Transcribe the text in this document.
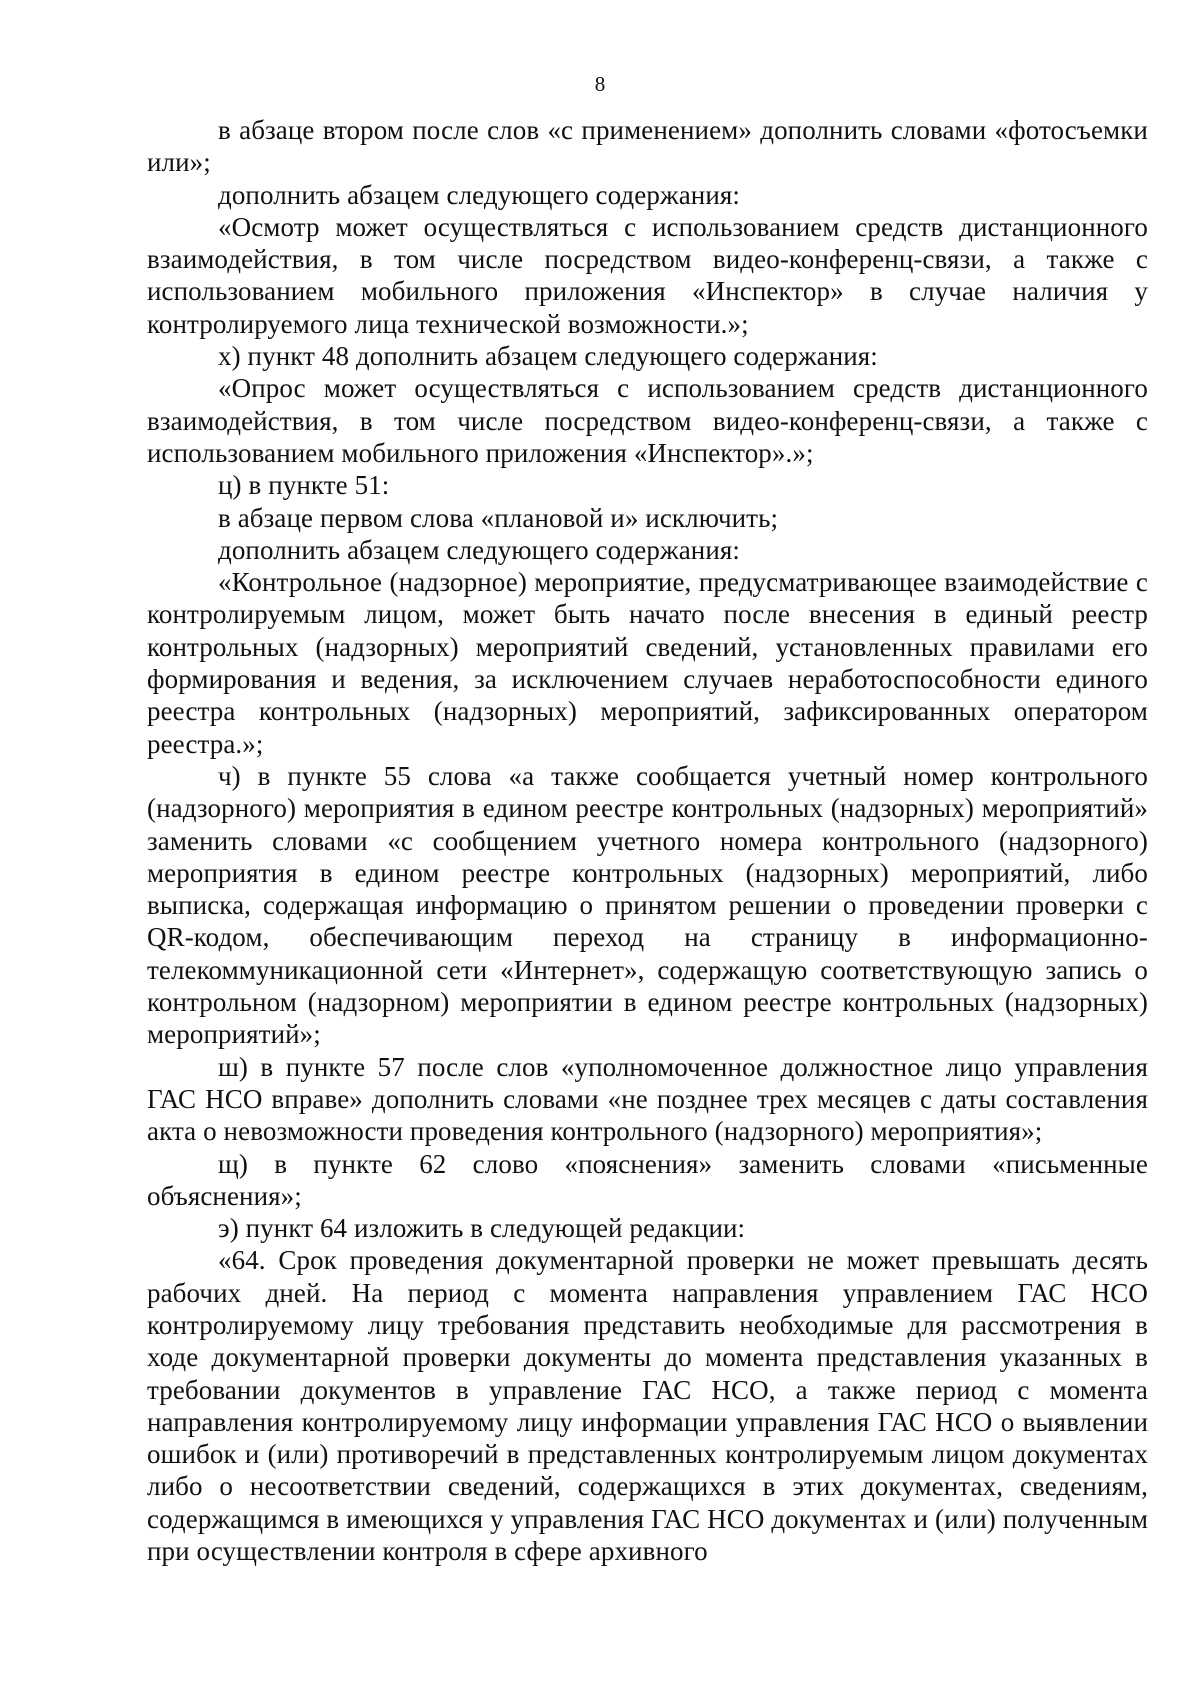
8

в абзаце втором после слов «с применением» дополнить словами «фотосъемки или»;

дополнить абзацем следующего содержания:

«Осмотр может осуществляться с использованием средств дистанционного взаимодействия, в том числе посредством видео-конференц-связи, а также с использованием мобильного приложения «Инспектор» в случае наличия у контролируемого лица технической возможности.»;

х) пункт 48 дополнить абзацем следующего содержания:

«Опрос может осуществляться с использованием средств дистанционного взаимодействия, в том числе посредством видео-конференц-связи, а также с использованием мобильного приложения «Инспектор».»;

ц) в пункте 51:

в абзаце первом слова «плановой и» исключить;

дополнить абзацем следующего содержания:

«Контрольное (надзорное) мероприятие, предусматривающее взаимодействие с контролируемым лицом, может быть начато после внесения в единый реестр контрольных (надзорных) мероприятий сведений, установленных правилами его формирования и ведения, за исключением случаев неработоспособности единого реестра контрольных (надзорных) мероприятий, зафиксированных оператором реестра.»;

ч) в пункте 55 слова «а также сообщается учетный номер контрольного (надзорного) мероприятия в едином реестре контрольных (надзорных) мероприятий» заменить словами «с сообщением учетного номера контрольного (надзорного) мероприятия в едином реестре контрольных (надзорных) мероприятий, либо выписка, содержащая информацию о принятом решении о проведении проверки с QR-кодом, обеспечивающим переход на страницу в информационно-телекоммуникационной сети «Интернет», содержащую соответствующую запись о контрольном (надзорном) мероприятии в едином реестре контрольных (надзорных) мероприятий»;

ш) в пункте 57 после слов «уполномоченное должностное лицо управления ГАС НСО вправе» дополнить словами «не позднее трех месяцев с даты составления акта о невозможности проведения контрольного (надзорного) мероприятия»;

щ) в пункте 62 слово «пояснения» заменить словами «письменные объяснения»;

э) пункт 64 изложить в следующей редакции:

«64. Срок проведения документарной проверки не может превышать десять рабочих дней. На период с момента направления управлением ГАС НСО контролируемому лицу требования представить необходимые для рассмотрения в ходе документарной проверки документы до момента представления указанных в требовании документов в управление ГАС НСО, а также период с момента направления контролируемому лицу информации управления ГАС НСО о выявлении ошибок и (или) противоречий в представленных контролируемым лицом документах либо о несоответствии сведений, содержащихся в этих документах, сведениям, содержащимся в имеющихся у управления ГАС НСО документах и (или) полученным при осуществлении контроля в сфере архивного
